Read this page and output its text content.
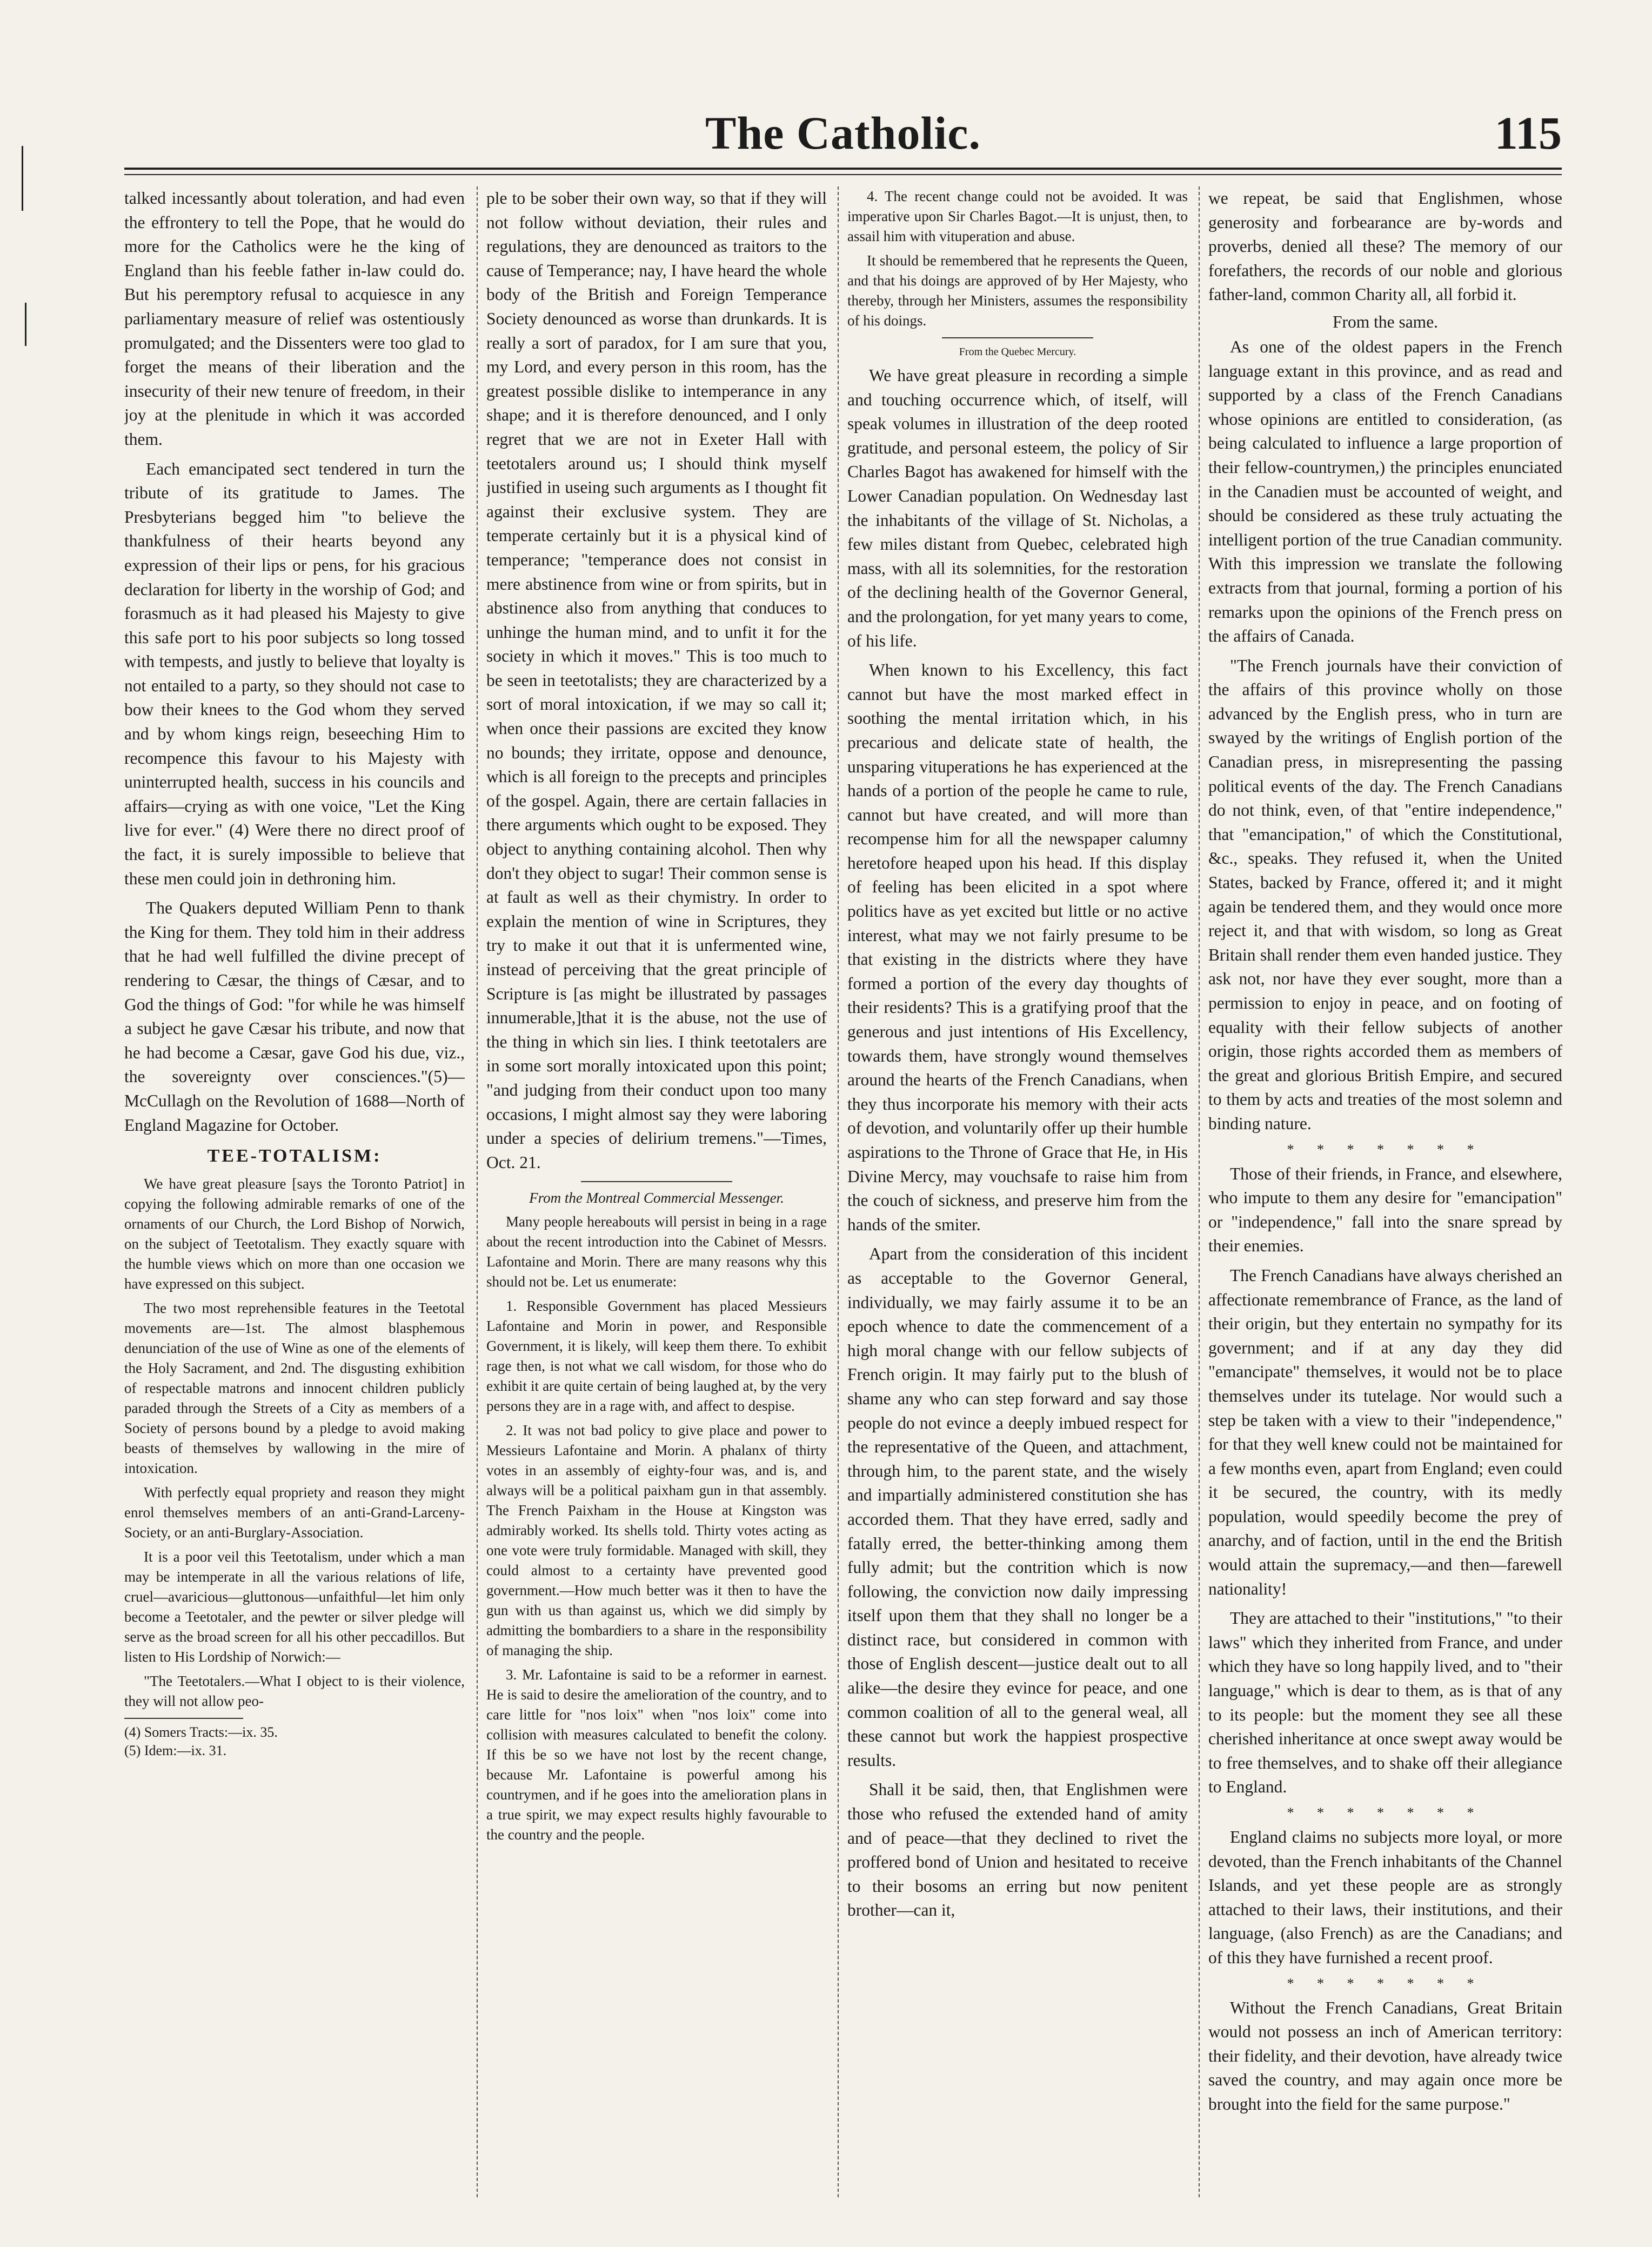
The Catholic.	115

talked incessantly about toleration, and had even the effrontery to tell the Pope, that he would do more for the Catholics were he the king of England than his feeble father in-law could do. But his peremptory refusal to acquiesce in any parliamentary measure of relief was ostentiously promulgated; and the Dissenters were too glad to forget the means of their liberation and the insecurity of their new tenure of freedom, in their joy at the plenitude in which it was accorded them.

Each emancipated sect tendered in turn the tribute of its gratitude to James. The Presbyterians begged him "to believe the thankfulness of their hearts beyond any expression of their lips or pens, for his gracious declaration for liberty in the worship of God; and forasmuch as it had pleased his Majesty to give this safe port to his poor subjects so long tossed with tempests, and justly to believe that loyalty is not entailed to a party, so they should not case to bow their knees to the God whom they served and by whom kings reign, beseeching Him to recompence this favour to his Majesty with uninterrupted health, success in his councils and affairs—crying as with one voice, "Let the King live for ever." (4) Were there no direct proof of the fact, it is surely impossible to believe that these men could join in dethroning him.

The Quakers deputed William Penn to thank the King for them. They told him in their address that he had well fulfilled the divine precept of rendering to Cæsar, the things of Cæsar, and to God the things of God: "for while he was himself a subject he gave Cæsar his tribute, and now that he had become a Cæsar, gave God his due, viz., the sovereignty over consciences."(5)—McCullagh on the Revolution of 1688—North of England Magazine for October.

TEE-TOTALISM:

We have great pleasure [says the Toronto Patriot] in copying the following admirable remarks of one of the ornaments of our Church, the Lord Bishop of Norwich, on the subject of Teetotalism. They exactly square with the humble views which on more than one occasion we have expressed on this subject.

The two most reprehensible features in the Teetotal movements are—1st. The almost blasphemous denunciation of the use of Wine as one of the elements of the Holy Sacrament, and 2nd. The disgusting exhibition of respectable matrons and innocent children publicly paraded through the Streets of a City as members of a Society of persons bound by a pledge to avoid making beasts of themselves by wallowing in the mire of intoxication.

With perfectly equal propriety and reason they might enrol themselves members of an anti-Grand-Larceny-Society, or an anti-Burglary-Association.

It is a poor veil this Teetotalism, under which a man may be intemperate in all the various relations of life, cruel—avaricious—gluttonous—unfaithful—let him only become a Teetotaler, and the pewter or silver pledge will serve as the broad screen for all his other peccadillos. But listen to His Lordship of Norwich:—

"The Teetotalers.—What I object to is their violence, they will not allow peo-

(4) Somers Tracts:—ix. 35.

(5) Idem:—ix. 31.

ple to be sober their own way, so that if they will not follow without deviation, their rules and regulations, they are denounced as traitors to the cause of Temperance; nay, I have heard the whole body of the British and Foreign Temperance Society denounced as worse than drunkards. It is really a sort of paradox, for I am sure that you, my Lord, and every person in this room, has the greatest possible dislike to intemperance in any shape; and it is therefore denounced, and I only regret that we are not in Exeter Hall with teetotalers around us; I should think myself justified in useing such arguments as I thought fit against their exclusive system. They are temperate certainly but it is a physical kind of temperance; "temperance does not consist in mere abstinence from wine or from spirits, but in abstinence also from anything that conduces to unhinge the human mind, and to unfit it for the society in which it moves." This is too much to be seen in teetotalists; they are characterized by a sort of moral intoxication, if we may so call it; when once their passions are excited they know no bounds; they irritate, oppose and denounce, which is all foreign to the precepts and principles of the gospel. Again, there are certain fallacies in there arguments which ought to be exposed. They object to anything containing alcohol. Then why don't they object to sugar! Their common sense is at fault as well as their chymistry. In order to explain the mention of wine in Scriptures, they try to make it out that it is unfermented wine, instead of perceiving that the great principle of Scripture is [as might be illustrated by passages innumerable,]that it is the abuse, not the use of the thing in which sin lies. I think teetotalers are in some sort morally intoxicated upon this point; "and judging from their conduct upon too many occasions, I might almost say they were laboring under a species of delirium tremens."—Times, Oct. 21.

From the Montreal Commercial Messenger.

Many people hereabouts will persist in being in a rage about the recent introduction into the Cabinet of Messrs. Lafontaine and Morin. There are many reasons why this should not be. Let us enumerate:

1. Responsible Government has placed Messieurs Lafontaine and Morin in power, and Responsible Government, it is likely, will keep them there. To exhibit rage then, is not what we call wisdom, for those who do exhibit it are quite certain of being laughed at, by the very persons they are in a rage with, and affect to despise.

2. It was not bad policy to give place and power to Messieurs Lafontaine and Morin. A phalanx of thirty votes in an assembly of eighty-four was, and is, and always will be a political paixham gun in that assembly. The French Paixham in the House at Kingston was admirably worked. Its shells told. Thirty votes acting as one vote were truly formidable. Managed with skill, they could almost to a certainty have prevented good government.—How much better was it then to have the gun with us than against us, which we did simply by admitting the bombardiers to a share in the responsibility of managing the ship.

3. Mr. Lafontaine is said to be a reformer in earnest. He is said to desire the amelioration of the country, and to care little for "nos loix" when "nos loix" come into collision with measures calculated to benefit the colony. If this be so we have not lost by the recent change, because Mr. Lafontaine is powerful among his countrymen, and if he goes into the amelioration plans in a true spirit, we may expect results highly favourable to the country and the people.

4. The recent change could not be avoided. It was imperative upon Sir Charles Bagot.—It is unjust, then, to assail him with vituperation and abuse.

It should be remembered that he represents the Queen, and that his doings are approved of by Her Majesty, who thereby, through her Ministers, assumes the responsibility of his doings.

From the Quebec Mercury.

We have great pleasure in recording a simple and touching occurrence which, of itself, will speak volumes in illustration of the deep rooted gratitude, and personal esteem, the policy of Sir Charles Bagot has awakened for himself with the Lower Canadian population. On Wednesday last the inhabitants of the village of St. Nicholas, a few miles distant from Quebec, celebrated high mass, with all its solemnities, for the restoration of the declining health of the Governor General, and the prolongation, for yet many years to come, of his life.

When known to his Excellency, this fact cannot but have the most marked effect in soothing the mental irritation which, in his precarious and delicate state of health, the unsparing vituperations he has experienced at the hands of a portion of the people he came to rule, cannot but have created, and will more than recompense him for all the newspaper calumny heretofore heaped upon his head. If this display of feeling has been elicited in a spot where politics have as yet excited but little or no active interest, what may we not fairly presume to be that existing in the districts where they have formed a portion of the every day thoughts of their residents? This is a gratifying proof that the generous and just intentions of His Excellency, towards them, have strongly wound themselves around the hearts of the French Canadians, when they thus incorporate his memory with their acts of devotion, and voluntarily offer up their humble aspirations to the Throne of Grace that He, in His Divine Mercy, may vouchsafe to raise him from the couch of sickness, and preserve him from the hands of the smiter.

Apart from the consideration of this incident as acceptable to the Governor General, individually, we may fairly assume it to be an epoch whence to date the commencement of a high moral change with our fellow subjects of French origin. It may fairly put to the blush of shame any who can step forward and say those people do not evince a deeply imbued respect for the representative of the Queen, and attachment, through him, to the parent state, and the wisely and impartially administered constitution she has accorded them. That they have erred, sadly and fatally erred, the better-thinking among them fully admit; but the contrition which is now following, the conviction now daily impressing itself upon them that they shall no longer be a distinct race, but considered in common with those of English descent—justice dealt out to all alike—the desire they evince for peace, and one common coalition of all to the general weal, all these cannot but work the happiest prospective results.

Shall it be said, then, that Englishmen were those who refused the extended hand of amity and of peace—that they declined to rivet the proffered bond of Union and hesitated to receive to their bosoms an erring but now penitent brother—can it,

we repeat, be said that Englishmen, whose generosity and forbearance are by-words and proverbs, denied all these? The memory of our forefathers, the records of our noble and glorious father-land, common Charity all, all forbid it.

From the same.

As one of the oldest papers in the French language extant in this province, and as read and supported by a class of the French Canadians whose opinions are entitled to consideration, (as being calculated to influence a large proportion of their fellow-countrymen,) the principles enunciated in the Canadien must be accounted of weight, and should be considered as these truly actuating the intelligent portion of the true Canadian community. With this impression we translate the following extracts from that journal, forming a portion of his remarks upon the opinions of the French press on the affairs of Canada.

"The French journals have their conviction of the affairs of this province wholly on those advanced by the English press, who in turn are swayed by the writings of English portion of the Canadian press, in misrepresenting the passing political events of the day. The French Canadians do not think, even, of that "entire independence," that "emancipation," of which the Constitutional, &c., speaks. They refused it, when the United States, backed by France, offered it; and it might again be tendered them, and they would once more reject it, and that with wisdom, so long as Great Britain shall render them even handed justice. They ask not, nor have they ever sought, more than a permission to enjoy in peace, and on footing of equality with their fellow subjects of another origin, those rights accorded them as members of the great and glorious British Empire, and secured to them by acts and treaties of the most solemn and binding nature.

* * * * * * *

Those of their friends, in France, and elsewhere, who impute to them any desire for "emancipation" or "independence," fall into the snare spread by their enemies.

The French Canadians have always cherished an affectionate remembrance of France, as the land of their origin, but they entertain no sympathy for its government; and if at any day they did "emancipate" themselves, it would not be to place themselves under its tutelage. Nor would such a step be taken with a view to their "independence," for that they well knew could not be maintained for a few months even, apart from England; even could it be secured, the country, with its medly population, would speedily become the prey of anarchy, and of faction, until in the end the British would attain the supremacy,—and then—farewell nationality!

They are attached to their "institutions," "to their laws" which they inherited from France, and under which they have so long happily lived, and to "their language," which is dear to them, as is that of any to its people: but the moment they see all these cherished inheritance at once swept away would be to free themselves, and to shake off their allegiance to England.

* * * * * * *

England claims no subjects more loyal, or more devoted, than the French inhabitants of the Channel Islands, and yet these people are as strongly attached to their laws, their institutions, and their language, (also French) as are the Canadians; and of this they have furnished a recent proof.

* * * * * * *

Without the French Canadians, Great Britain would not possess an inch of American territory: their fidelity, and their devotion, have already twice saved the country, and may again once more be brought into the field for the same purpose."
